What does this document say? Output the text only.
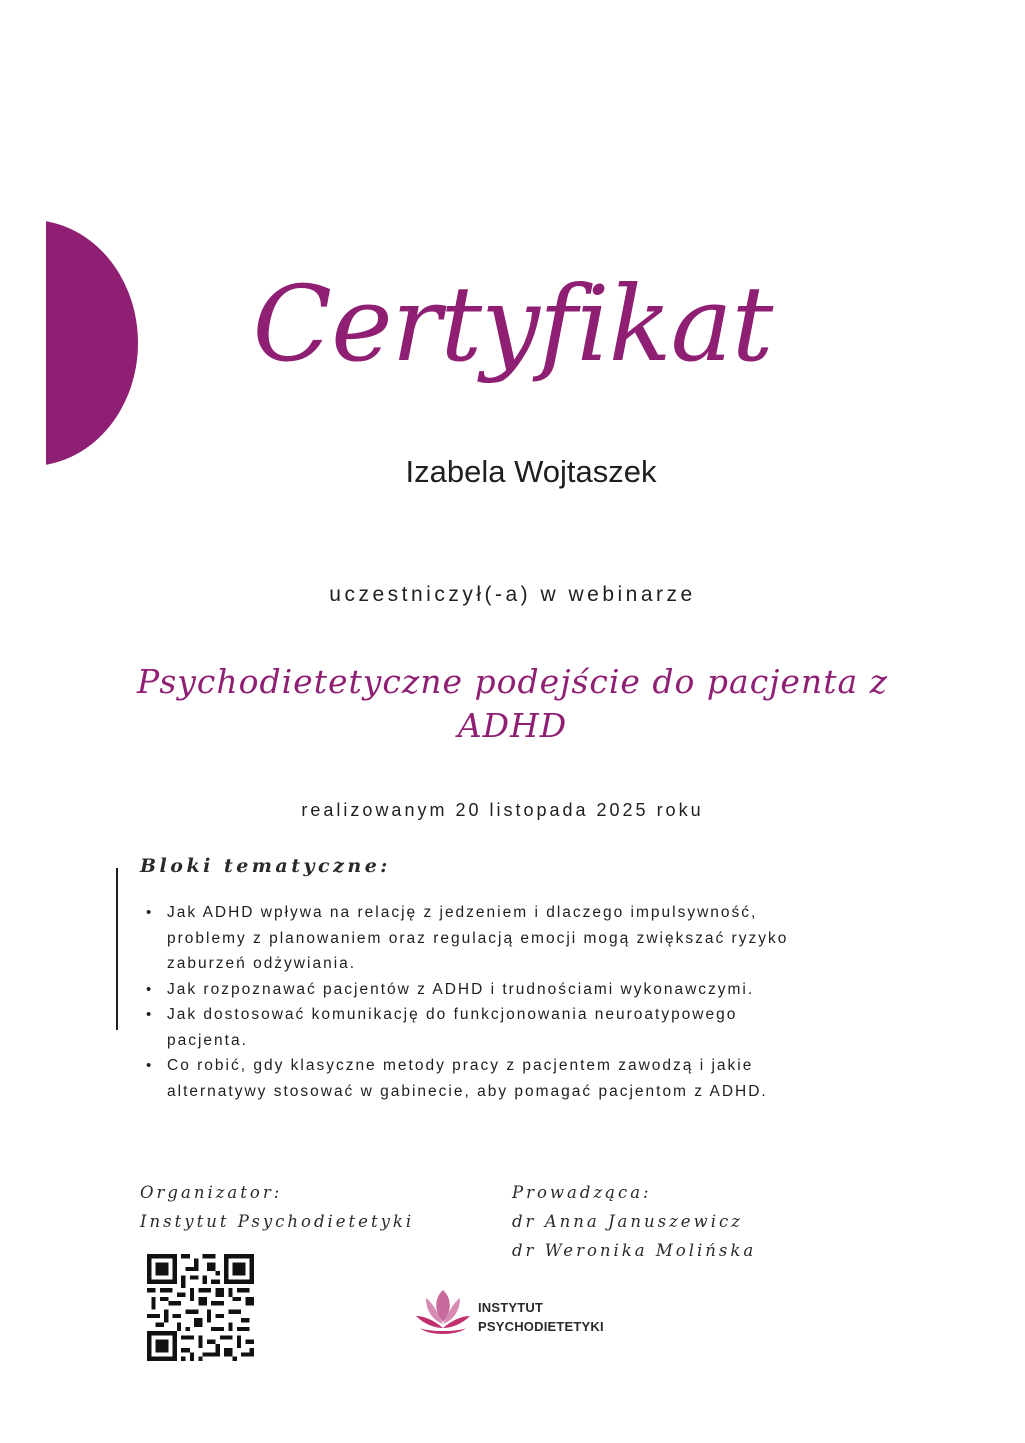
Certyfikat
Izabela Wojtaszek
uczestniczył(-a) w webinarze
Psychodietetyczne podejście do pacjenta z
ADHD
realizowanym 20 listopada 2025 roku
Bloki tematyczne:
• Jak ADHD wpływa na relację z jedzeniem i dlaczego impulsywność,
problemy z planowaniem oraz regulacją emocji mogą zwiększać ryzyko
zaburzeń odżywiania.
• Jak rozpoznawać pacjentów z ADHD i trudnościami wykonawczymi.
• Jak dostosować komunikację do funkcjonowania neuroatypowego
pacjenta.
• Co robić, gdy klasyczne metody pracy z pacjentem zawodzą i jakie
alternatywy stosować w gabinecie, aby pomagać pacjentom z ADHD.
Organizator:
Instytut Psychodietetyki
Prowadząca:
dr Anna Januszewicz
dr Weronika Molińska
INSTYTUT
PSYCHODIETETYKI
